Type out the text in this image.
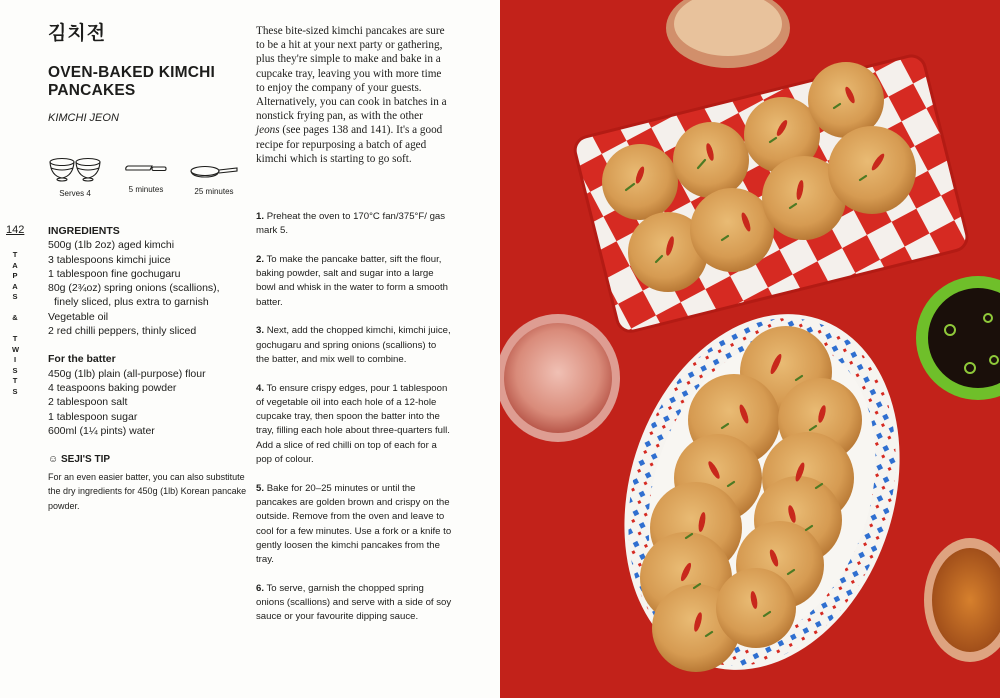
김치전
OVEN-BAKED KIMCHI PANCAKES
KIMCHI JEON
Serves 4	5 minutes	25 minutes
142
T
A
P
A
S

&

T
W
I
S
T
S
INGREDIENTS
500g (1lb 2oz) aged kimchi
3 tablespoons kimchi juice
1 tablespoon fine gochugaru
80g (2¾oz) spring onions (scallions),
finely sliced, plus extra to garnish
Vegetable oil
2 red chilli peppers, thinly sliced
For the batter
450g (1lb) plain (all-purpose) flour
4 teaspoons baking powder
2 tablespoon salt
1 tablespoon sugar
600ml (1¼ pints) water
☺ SEJI'S TIP
For an even easier batter, you can also substitute the dry ingredients for 450g (1lb) Korean pancake powder.
These bite-sized kimchi pancakes are sure to be a hit at your next party or gathering, plus they're simple to make and bake in a cupcake tray, leaving you with more time to enjoy the company of your guests. Alternatively, you can cook in batches in a nonstick frying pan, as with the other jeons (see pages 138 and 141). It's a good recipe for repurposing a batch of aged kimchi which is starting to go soft.

1. Preheat the oven to 170°C fan/375°F/ gas mark 5.

2. To make the pancake batter, sift the flour, baking powder, salt and sugar into a large bowl and whisk in the water to form a smooth batter.

3. Next, add the chopped kimchi, kimchi juice, gochugaru and spring onions (scallions) to the batter, and mix well to combine.

4. To ensure crispy edges, pour 1 tablespoon of vegetable oil into each hole of a 12-hole cupcake tray, then spoon the batter into the tray, filling each hole about three-quarters full. Add a slice of red chilli on top of each for a pop of colour.

5. Bake for 20–25 minutes or until the pancakes are golden brown and crispy on the outside. Remove from the oven and leave to cool for a few minutes. Use a fork or a knife to gently loosen the kimchi pancakes from the tray.

6. To serve, garnish the chopped spring onions (scallions) and serve with a side of soy sauce or your favourite dipping sauce.
